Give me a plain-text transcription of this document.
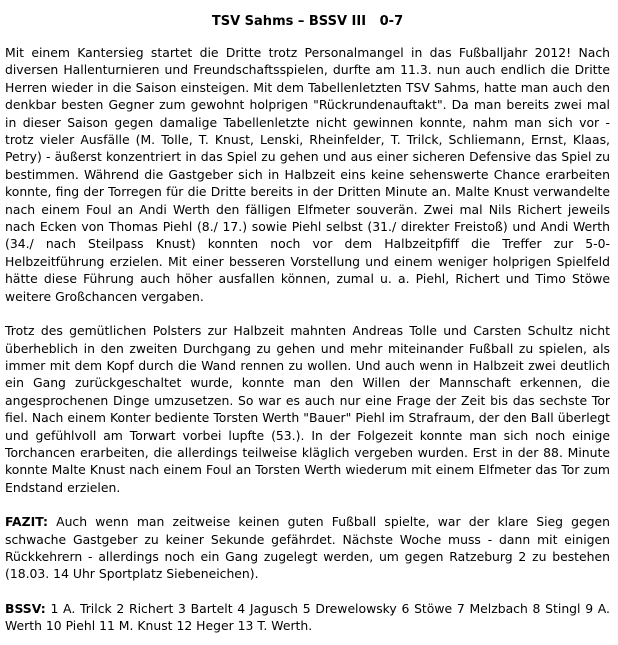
TSV Sahms – BSSV III   0-7

Mit einem Kantersieg startet die Dritte trotz Personalmangel in das Fußballjahr 2012! Nach diversen Hallenturnieren und Freundschaftsspielen, durfte am 11.3. nun auch endlich die Dritte Herren wieder in die Saison einsteigen. Mit dem Tabellenletzten TSV Sahms, hatte man auch den denkbar besten Gegner zum gewohnt holprigen "Rückrundenauftakt". Da man bereits zwei mal in dieser Saison gegen damalige Tabellenletzte nicht gewinnen konnte, nahm man sich vor - trotz vieler Ausfälle (M. Tolle, T. Knust, Lenski, Rheinfelder, T. Trilck, Schliemann, Ernst, Klaas, Petry) - äußerst konzentriert in das Spiel zu gehen und aus einer sicheren Defensive das Spiel zu bestimmen. Während die Gastgeber sich in Halbzeit eins keine sehenswerte Chance erarbeiten konnte, fing der Torregen für die Dritte bereits in der Dritten Minute an. Malte Knust verwandelte nach einem Foul an Andi Werth den fälligen Elfmeter souverän. Zwei mal Nils Richert jeweils nach Ecken von Thomas Piehl (8./ 17.) sowie Piehl selbst (31./ direkter Freistoß) und Andi Werth (34./ nach Steilpass Knust) konnten noch vor dem Halbzeitpfiff die Treffer zur 5-0-Helbzeitführung erzielen. Mit einer besseren Vorstellung und einem weniger holprigen Spielfeld hätte diese Führung auch höher ausfallen können, zumal u. a. Piehl, Richert und Timo Stöwe weitere Großchancen vergaben.

Trotz des gemütlichen Polsters zur Halbzeit mahnten Andreas Tolle und Carsten Schultz nicht überheblich in den zweiten Durchgang zu gehen und mehr miteinander Fußball zu spielen, als immer mit dem Kopf durch die Wand rennen zu wollen. Und auch wenn in Halbzeit zwei deutlich ein Gang zurückgeschaltet wurde, konnte man den Willen der Mannschaft erkennen, die angesprochenen Dinge umzusetzen. So war es auch nur eine Frage der Zeit bis das sechste Tor fiel. Nach einem Konter bediente Torsten Werth "Bauer" Piehl im Strafraum, der den Ball überlegt und gefühlvoll am Torwart vorbei lupfte (53.). In der Folgezeit konnte man sich noch einige Torchancen erarbeiten, die allerdings teilweise kläglich vergeben wurden. Erst in der 88. Minute konnte Malte Knust nach einem Foul an Torsten Werth wiederum mit einem Elfmeter das Tor zum Endstand erzielen.

FAZIT: Auch wenn man zeitweise keinen guten Fußball spielte, war der klare Sieg gegen schwache Gastgeber zu keiner Sekunde gefährdet. Nächste Woche muss - dann mit einigen Rückkehrern - allerdings noch ein Gang zugelegt werden, um gegen Ratzeburg 2 zu bestehen (18.03. 14 Uhr Sportplatz Siebeneichen).

BSSV: 1 A. Trilck 2 Richert 3 Bartelt 4 Jagusch 5 Drewelowsky 6 Stöwe 7 Melzbach 8 Stingl 9 A. Werth 10 Piehl 11 M. Knust 12 Heger 13 T. Werth.
